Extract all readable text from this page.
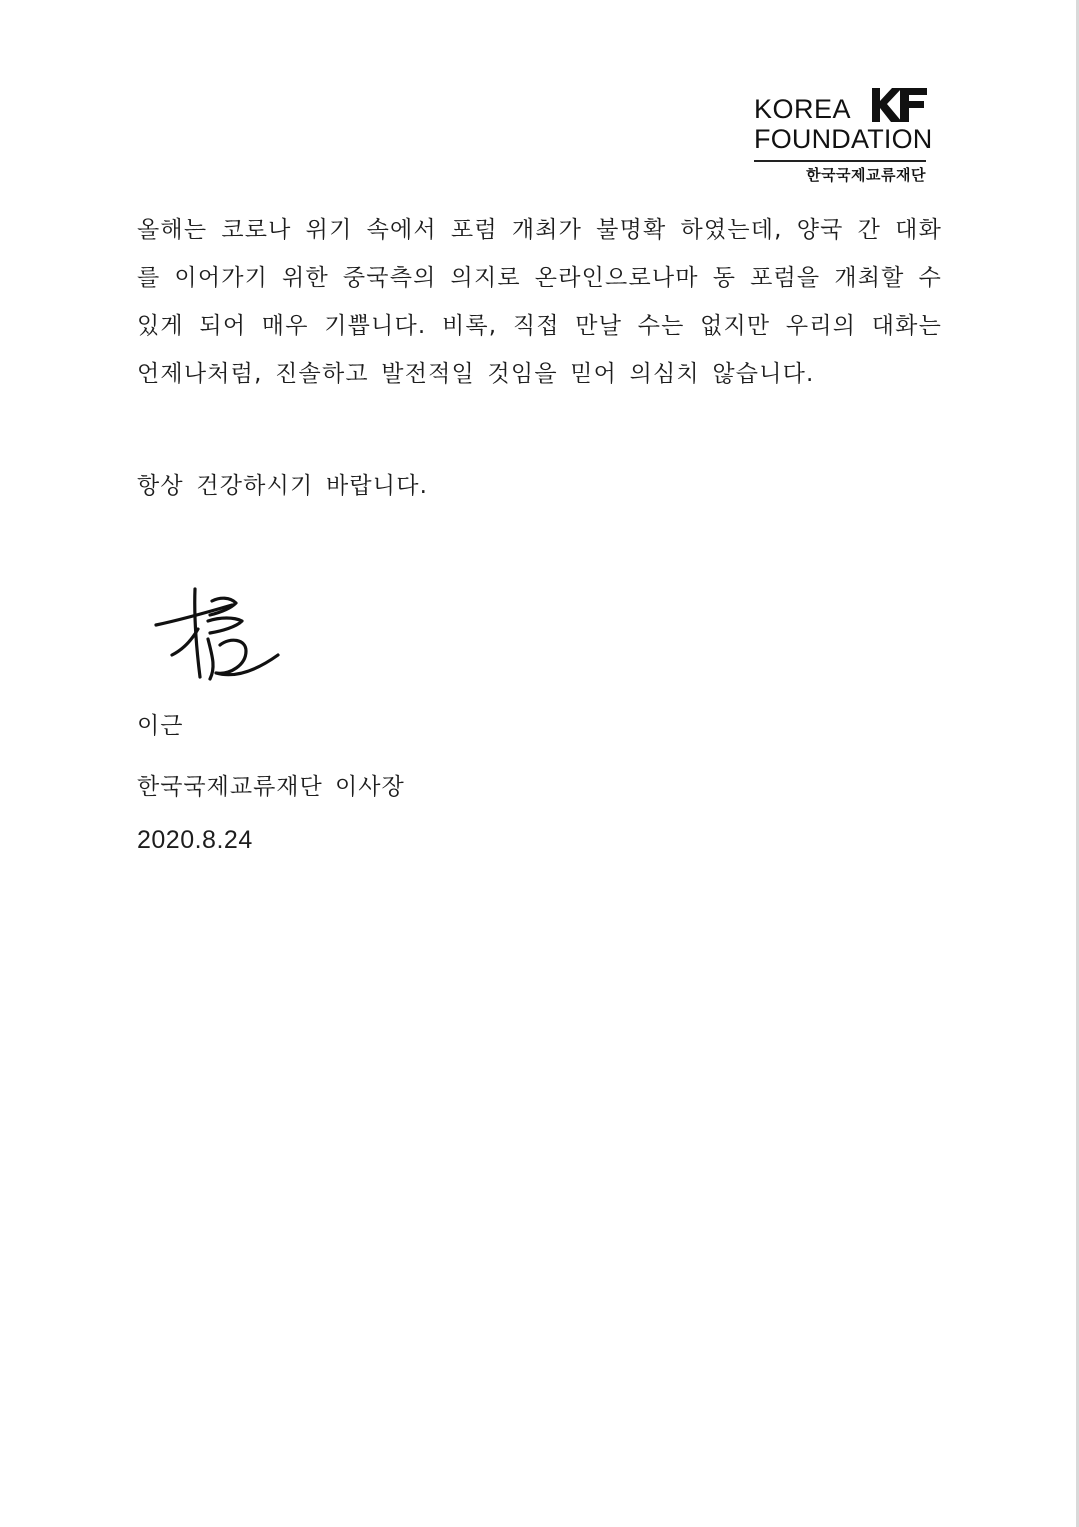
KOREA
FOUNDATION
한국국제교류재단

올해는 코로나 위기 속에서 포럼 개최가 불명확 하였는데, 양국 간 대화를 이어가기 위한 중국측의 의지로 온라인으로나마 동 포럼을 개최할 수 있게 되어 매우 기쁩니다. 비록, 직접 만날 수는 없지만 우리의 대화는 언제나처럼, 진솔하고 발전적일 것임을 믿어 의심치 않습니다.

항상 건강하시기 바랍니다.
이근
한국국제교류재단 이사장
2020.8.24
